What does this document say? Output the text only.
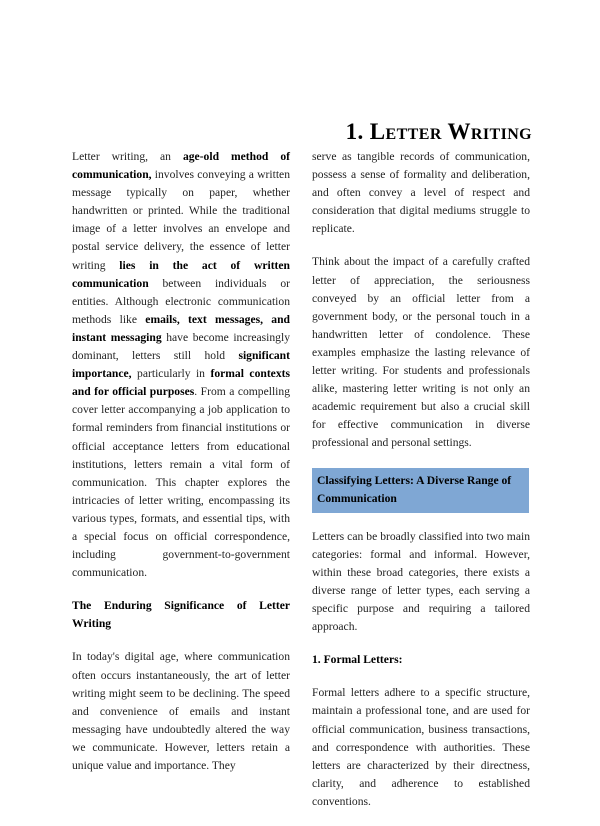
1. Letter Writing

Letter writing, an age-old method of communication, involves conveying a written message typically on paper, whether handwritten or printed. While the traditional image of a letter involves an envelope and postal service delivery, the essence of letter writing lies in the act of written communication between individuals or entities. Although electronic communication methods like emails, text messages, and instant messaging have become increasingly dominant, letters still hold significant importance, particularly in formal contexts and for official purposes. From a compelling cover letter accompanying a job application to formal reminders from financial institutions or official acceptance letters from educational institutions, letters remain a vital form of communication. This chapter explores the intricacies of letter writing, encompassing its various types, formats, and essential tips, with a special focus on official correspondence, including government-to-government communication.

The Enduring Significance of Letter Writing

In today's digital age, where communication often occurs instantaneously, the art of letter writing might seem to be declining. The speed and convenience of emails and instant messaging have undoubtedly altered the way we communicate. However, letters retain a unique value and importance. They

serve as tangible records of communication, possess a sense of formality and deliberation, and often convey a level of respect and consideration that digital mediums struggle to replicate.

Think about the impact of a carefully crafted letter of appreciation, the seriousness conveyed by an official letter from a government body, or the personal touch in a handwritten letter of condolence. These examples emphasize the lasting relevance of letter writing. For students and professionals alike, mastering letter writing is not only an academic requirement but also a crucial skill for effective communication in diverse professional and personal settings.

Classifying Letters: A Diverse Range of Communication

Letters can be broadly classified into two main categories: formal and informal. However, within these broad categories, there exists a diverse range of letter types, each serving a specific purpose and requiring a tailored approach.

1. Formal Letters:

Formal letters adhere to a specific structure, maintain a professional tone, and are used for official communication, business transactions, and correspondence with authorities. These letters are characterized by their directness, clarity, and adherence to established conventions.
